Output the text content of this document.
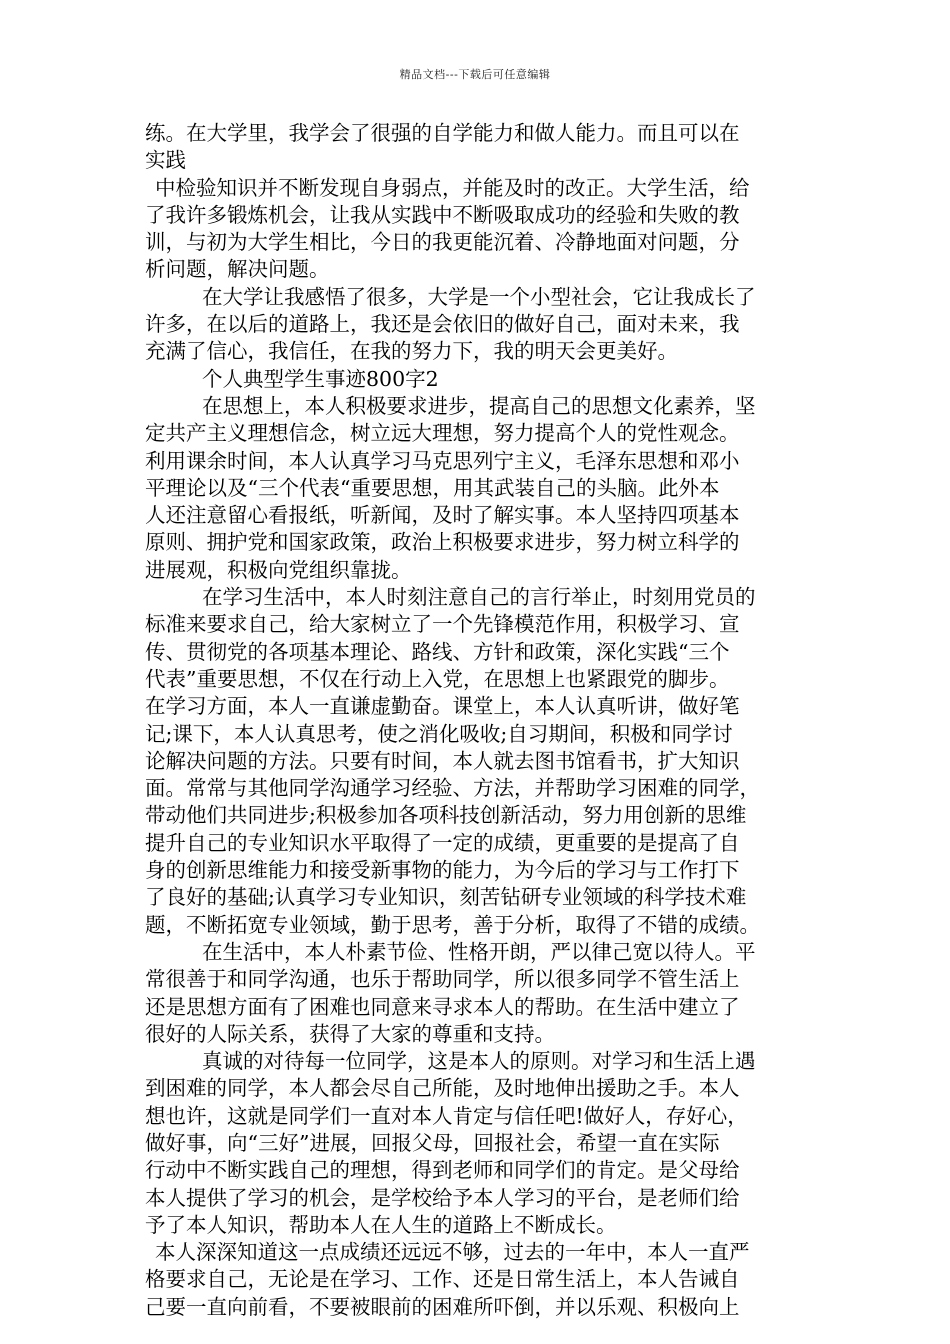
精品文档---下载后可任意编辑
练。在大学里，我学会了很强的自学能力和做人能力。而且可以在
实践
中检验知识并不断发现自身弱点，并能及时的改正。大学生活，给
了我许多锻炼机会，让我从实践中不断吸取成功的经验和失败的教
训，与初为大学生相比，今日的我更能沉着、冷静地面对问题，分
析问题，解决问题。
在大学让我感悟了很多，大学是一个小型社会，它让我成长了
许多，在以后的道路上，我还是会依旧的做好自己，面对未来，我
充满了信心，我信任，在我的努力下，我的明天会更美好。
个人典型学生事迹800字2
在思想上，本人积极要求进步，提高自己的思想文化素养，坚
定共产主义理想信念，树立远大理想，努力提高个人的党性观念。
利用课余时间，本人认真学习马克思列宁主义，毛泽东思想和邓小
平理论以及“三个代表“重要思想，用其武装自己的头脑。此外本
人还注意留心看报纸，听新闻，及时了解实事。本人坚持四项基本
原则、拥护党和国家政策，政治上积极要求进步，努力树立科学的
进展观，积极向党组织靠拢。
在学习生活中，本人时刻注意自己的言行举止，时刻用党员的
标准来要求自己，给大家树立了一个先锋模范作用，积极学习、宣
传、贯彻党的各项基本理论、路线、方针和政策，深化实践“三个
代表”重要思想，不仅在行动上入党，在思想上也紧跟党的脚步。
在学习方面，本人一直谦虚勤奋。课堂上，本人认真听讲，做好笔
记;课下，本人认真思考，使之消化吸收;自习期间，积极和同学讨
论解决问题的方法。只要有时间，本人就去图书馆看书，扩大知识
面。常常与其他同学沟通学习经验、方法，并帮助学习困难的同学，
带动他们共同进步;积极参加各项科技创新活动，努力用创新的思维
提升自己的专业知识水平取得了一定的成绩，更重要的是提高了自
身的创新思维能力和接受新事物的能力，为今后的学习与工作打下
了良好的基础;认真学习专业知识，刻苦钻研专业领域的科学技术难
题，不断拓宽专业领域，勤于思考，善于分析，取得了不错的成绩。
在生活中，本人朴素节俭、性格开朗，严以律己宽以待人。平
常很善于和同学沟通，也乐于帮助同学，所以很多同学不管生活上
还是思想方面有了困难也同意来寻求本人的帮助。在生活中建立了
很好的人际关系，获得了大家的尊重和支持。
真诚的对待每一位同学，这是本人的原则。对学习和生活上遇
到困难的同学，本人都会尽自己所能，及时地伸出援助之手。本人
想也许，这就是同学们一直对本人肯定与信任吧!做好人，存好心，
做好事，向“三好”进展，回报父母，回报社会，希望一直在实际
行动中不断实践自己的理想，得到老师和同学们的肯定。是父母给
本人提供了学习的机会，是学校给予本人学习的平台，是老师们给
予了本人知识，帮助本人在人生的道路上不断成长。
本人深深知道这一点成绩还远远不够，过去的一年中，本人一直严
格要求自己，无论是在学习、工作、还是日常生活上，本人告诫自
己要一直向前看，不要被眼前的困难所吓倒，并以乐观、积极向上
